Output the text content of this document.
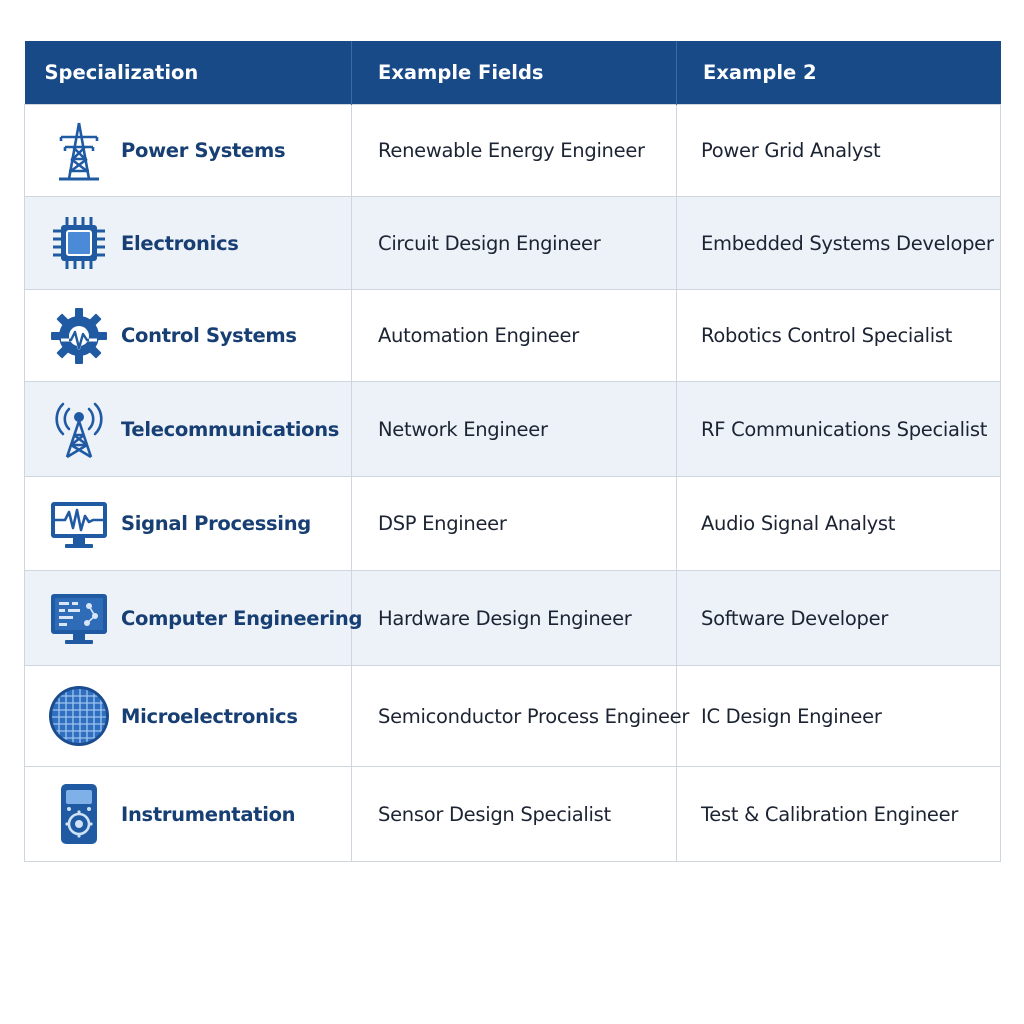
Specialization	Example Fields	Example 2

Power Systems	Renewable Energy Engineer	Power Grid Analyst

Electronics	Circuit Design Engineer	Embedded Systems Developer

Control Systems	Automation Engineer	Robotics Control Specialist

Telecommunications	Network Engineer	RF Communications Specialist

Signal Processing	DSP Engineer	Audio Signal Analyst

Computer Engineering	Hardware Design Engineer	Software Developer

Microelectronics	Semiconductor Process Engineer	IC Design Engineer

Instrumentation	Sensor Design Specialist	Test & Calibration Engineer
